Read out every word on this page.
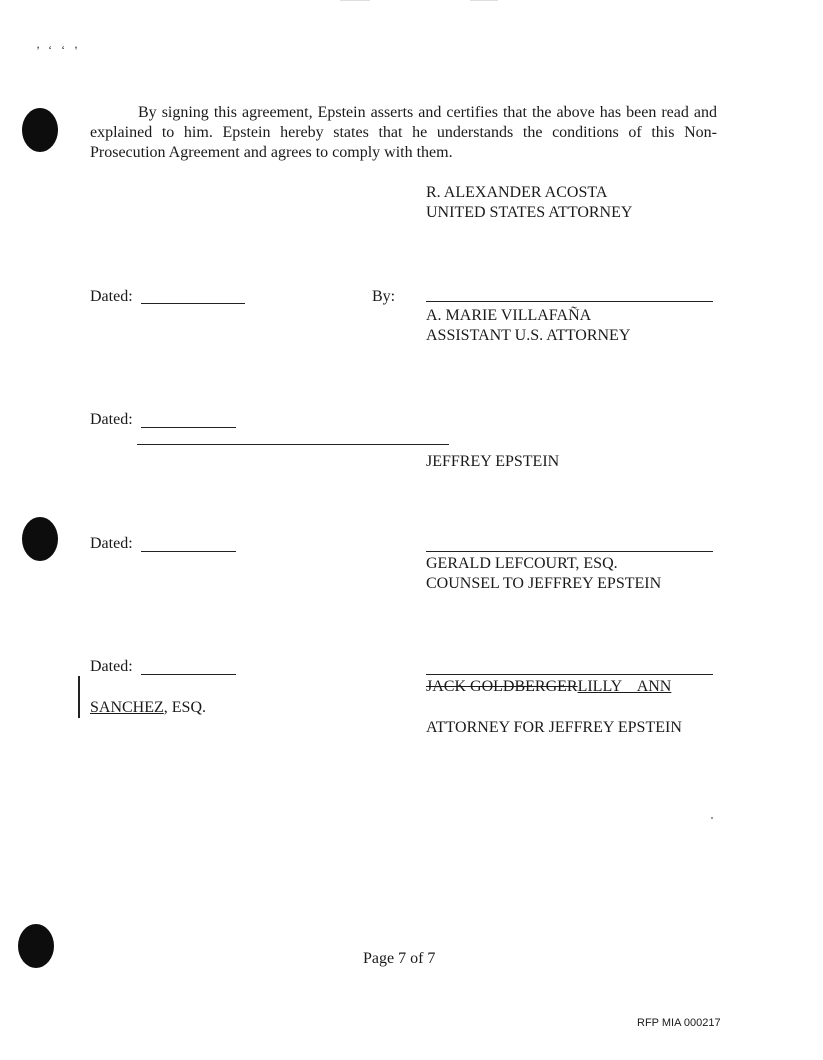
’ ‘ ʻ ‛
By signing this agreement, Epstein asserts and certifies that the above has been read and explained to him. Epstein hereby states that he understands the conditions of this Non-Prosecution Agreement and agrees to comply with them.
R. ALEXANDER ACOSTA
UNITED STATES ATTORNEY
Dated:	By:
A. MARIE VILLAFAÑA
ASSISTANT U.S. ATTORNEY
Dated:
JEFFREY EPSTEIN
Dated:
GERALD LEFCOURT, ESQ.
COUNSEL TO JEFFREY EPSTEIN
Dated:
JACK GOLDBERGERLILLY    ANN
SANCHEZ, ESQ.
ATTORNEY FOR JEFFREY EPSTEIN
Page 7 of 7
RFP MIA 000217
